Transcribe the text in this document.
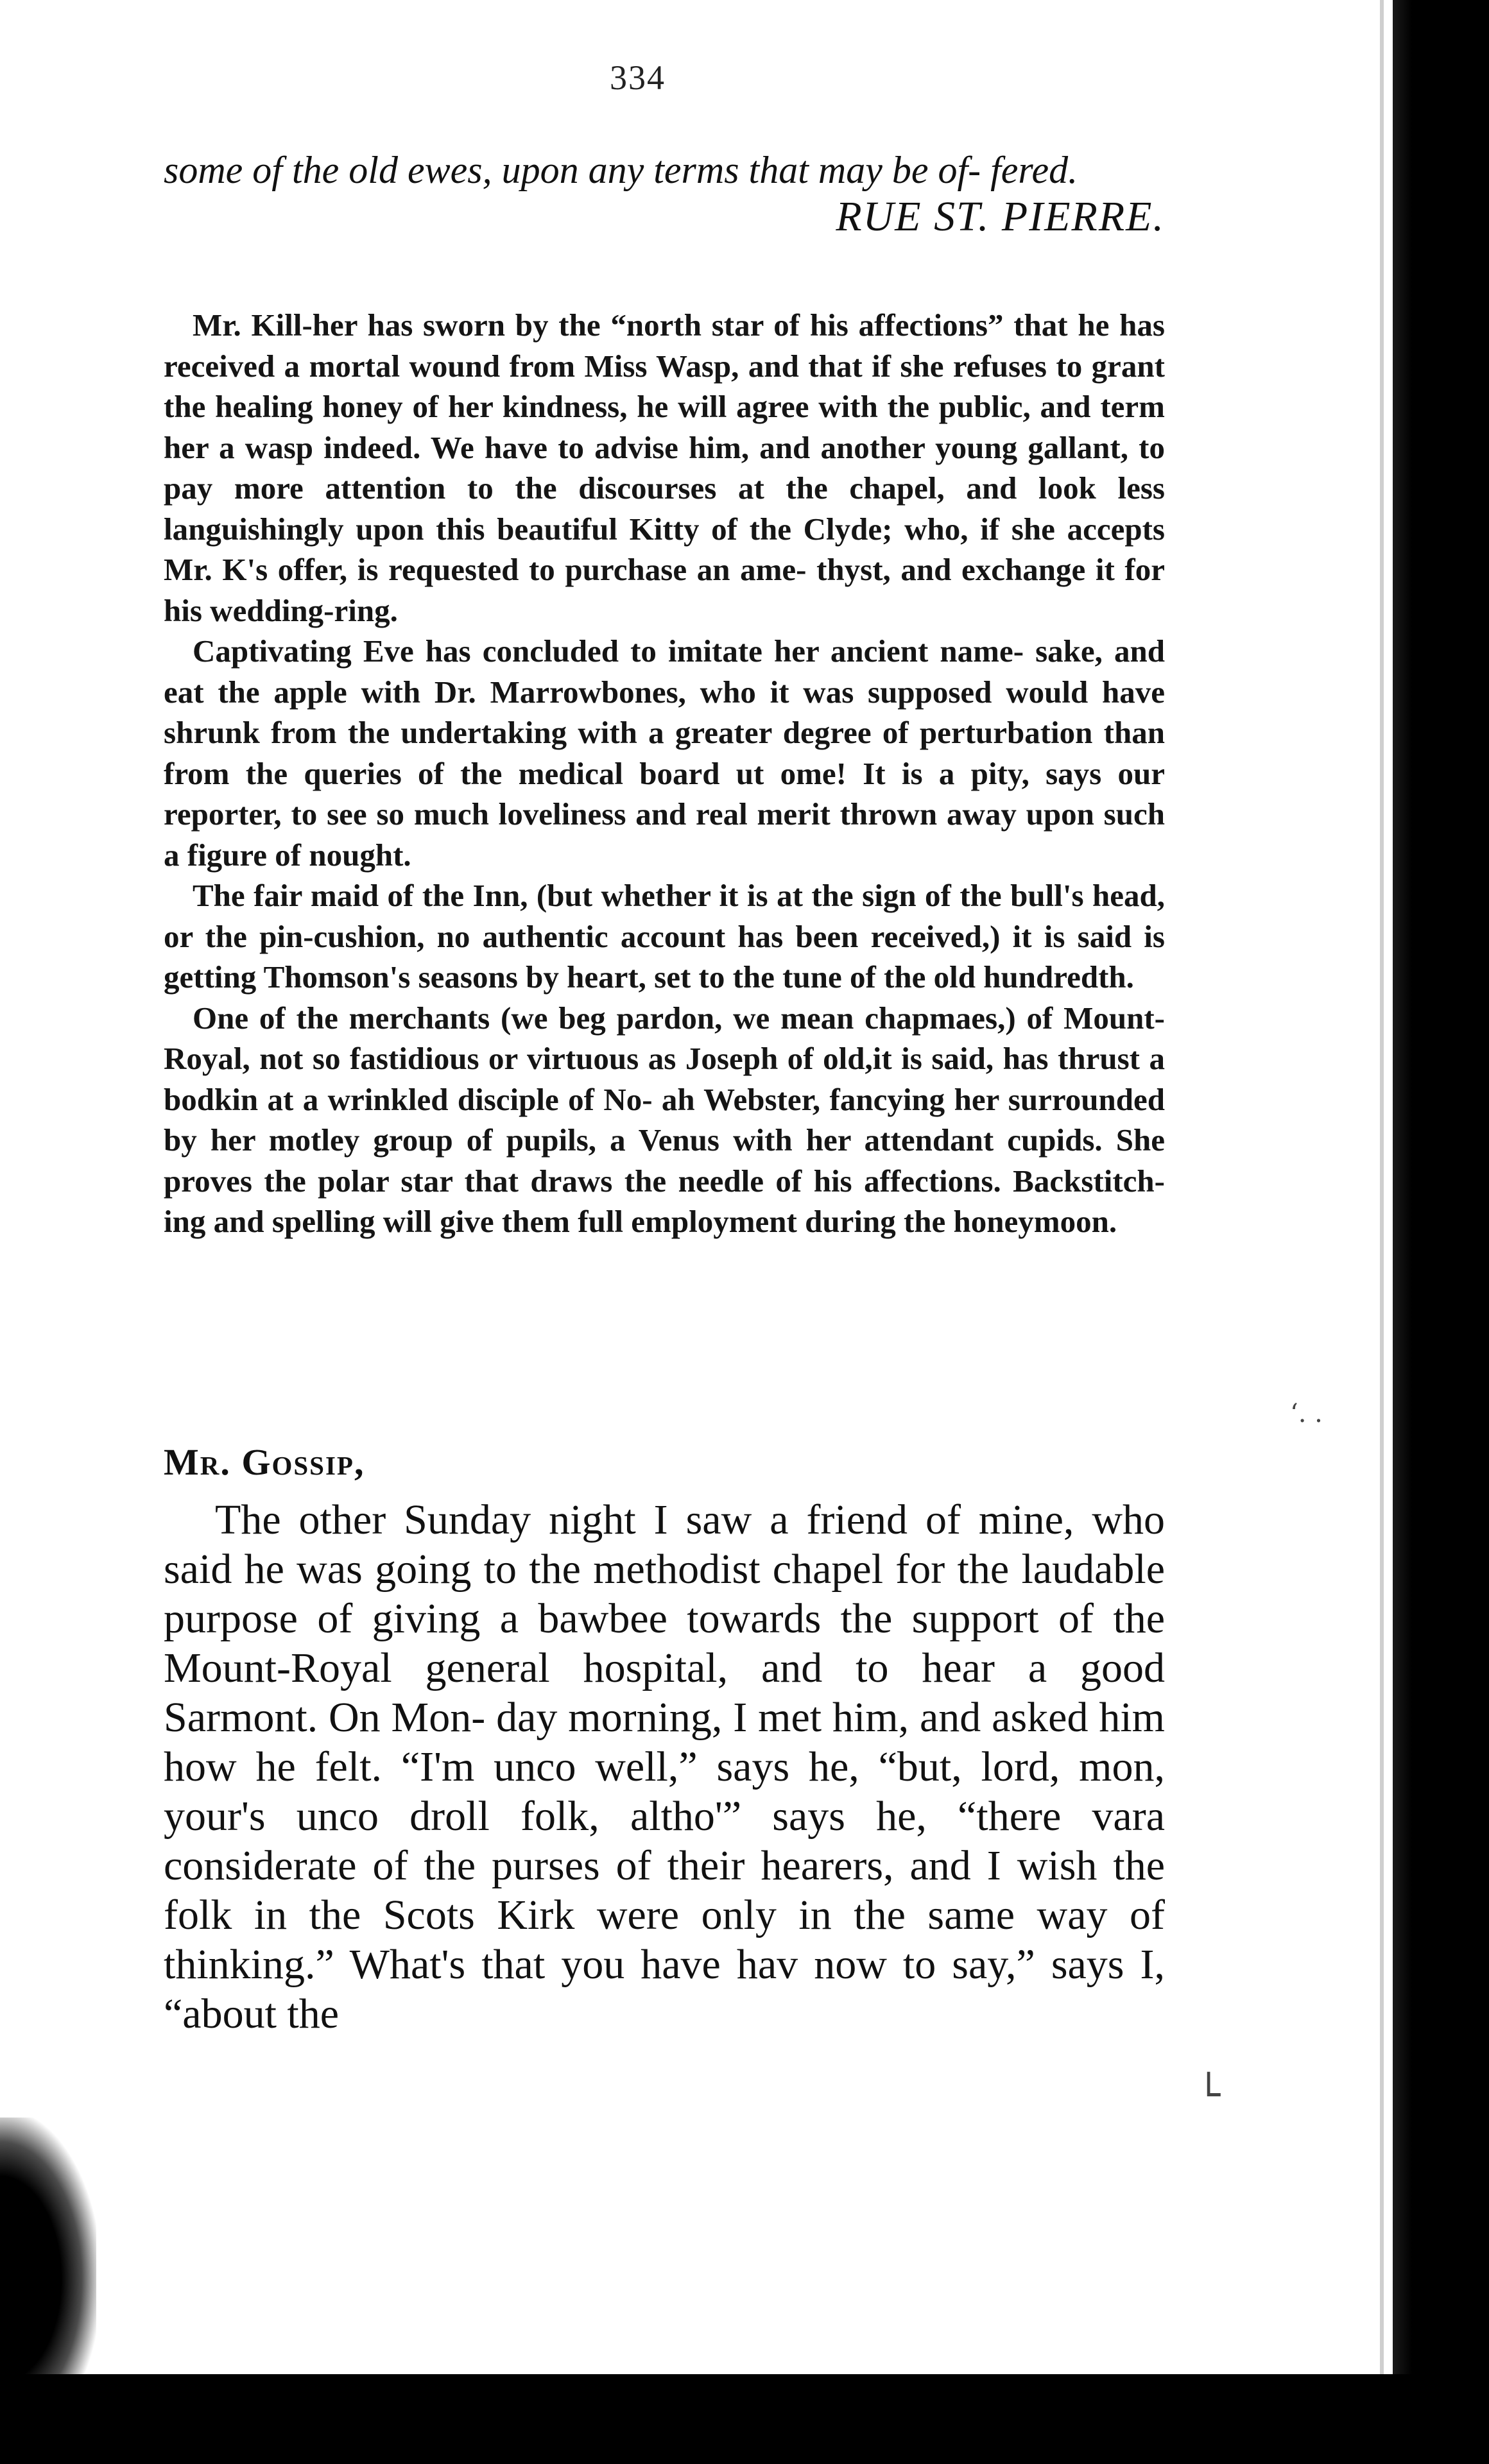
‘. .
└
334
some of the old ewes, upon any terms that may be of- fered.
RUE ST. PIERRE.

Mr. Kill-her has sworn by the “north star of his affections” that he has received a mortal wound from Miss Wasp, and that if she refuses to grant the healing honey of her kindness, he will agree with the public, and term her a wasp indeed. We have to advise him, and another young gallant, to pay more attention to the discourses at the chapel, and look less languishingly upon this beautiful Kitty of the Clyde; who, if she accepts Mr. K's offer, is requested to purchase an ame- thyst, and exchange it for his wedding-ring.

Captivating Eve has concluded to imitate her ancient name- sake, and eat the apple with Dr. Marrowbones, who it was supposed would have shrunk from the undertaking with a greater degree of perturbation than from the queries of the medical board ut ome! It is a pity, says our reporter, to see so much loveliness and real merit thrown away upon such a figure of nought.

The fair maid of the Inn, (but whether it is at the sign of the bull's head, or the pin-cushion, no authentic account has been received,) it is said is getting Thomson's seasons by heart, set to the tune of the old hundredth.

One of the merchants (we beg pardon, we mean chapmaes,) of Mount-Royal, not so fastidious or virtuous as Joseph of old,it is said, has thrust a bodkin at a wrinkled disciple of No- ah Webster, fancying her surrounded by her motley group of pupils, a Venus with her attendant cupids. She proves the polar star that draws the needle of his affections. Backstitch- ing and spelling will give them full employment during the honeymoon.

Mr. Gossip,

The other Sunday night I saw a friend of mine, who said he was going to the methodist chapel for the laudable purpose of giving a bawbee towards the support of the Mount-Royal general hospital, and to hear a good Sarmont. On Mon- day morning, I met him, and asked him how he felt. “I'm unco well,” says he, “but, lord, mon, your's unco droll folk, altho'” says he, “there vara considerate of the purses of their hearers, and I wish the folk in the Scots Kirk were only in the same way of thinking.” What's that you have hav now to say,” says I, “about the
